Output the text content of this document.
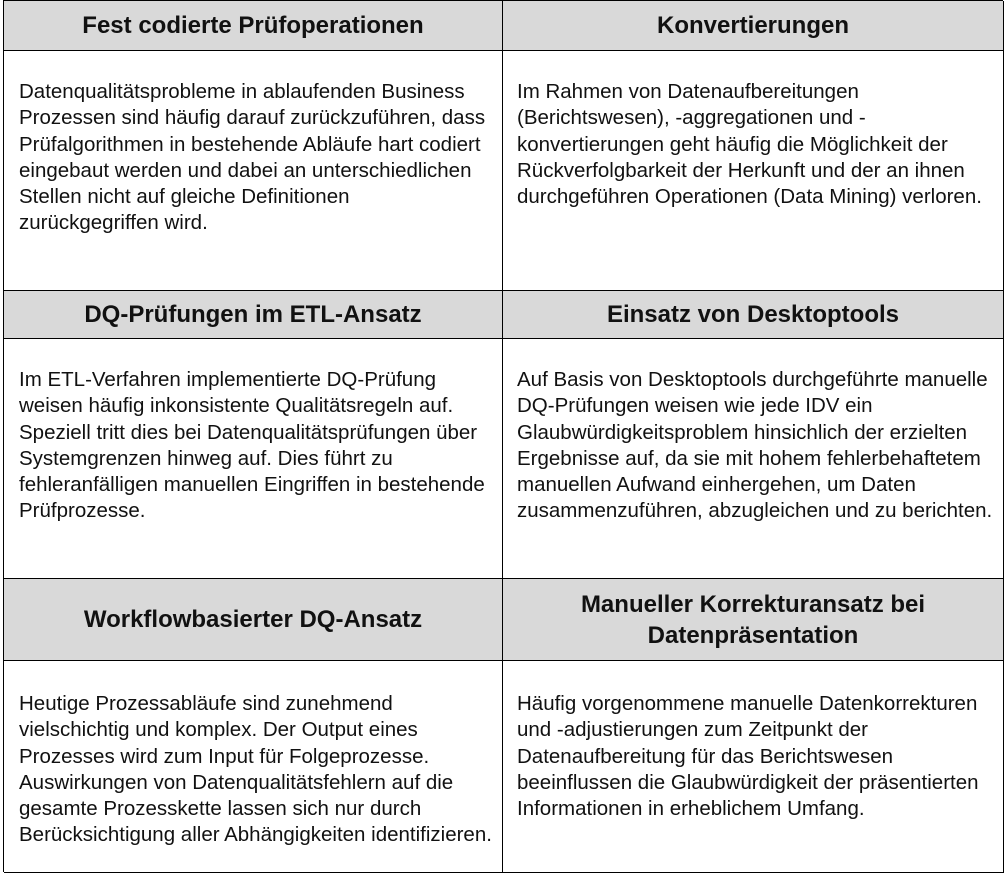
Fest codierte Prüfoperationen	Konvertierungen
Datenqualitätsprobleme in ablaufenden Business Prozessen sind häufig darauf zurückzuführen, dass Prüfalgorithmen in bestehende Abläufe hart codiert eingebaut werden und dabei an unterschiedlichen Stellen nicht auf gleiche Definitionen zurückgegriffen wird.
Im Rahmen von Datenaufbereitungen (Berichtswesen), -aggregationen und -konvertierungen geht häufig die Möglichkeit der Rückverfolgbarkeit der Herkunft und der an ihnen durchgeführen Operationen (Data Mining) verloren.
DQ-Prüfungen im ETL-Ansatz	Einsatz von Desktoptools
Im ETL-Verfahren implementierte DQ-Prüfung weisen häufig inkonsistente Qualitätsregeln auf. Speziell tritt dies bei Datenqualitätsprüfungen über Systemgrenzen hinweg auf. Dies führt zu fehleranfälligen manuellen Eingriffen in bestehende Prüfprozesse.
Auf Basis von Desktoptools durchgeführte manuelle DQ-Prüfungen weisen wie jede IDV ein Glaubwürdigkeitsproblem hinsichlich der erzielten Ergebnisse auf, da sie mit hohem fehlerbehaftetem manuellen Aufwand einhergehen, um Daten zusammenzuführen, abzugleichen und zu berichten.
Workflowbasierter DQ-Ansatz
Manueller Korrekturansatz bei Datenpräsentation
Heutige Prozessabläufe sind zunehmend vielschichtig und komplex. Der Output eines Prozesses wird zum Input für Folgeprozesse. Auswirkungen von Datenqualitätsfehlern auf die gesamte Prozesskette lassen sich nur durch Berücksichtigung aller Abhängigkeiten identifizieren.
Häufig vorgenommene manuelle Datenkorrekturen und -adjustierungen zum Zeitpunkt der Datenaufbereitung für das Berichtswesen beeinflussen die Glaubwürdigkeit der präsentierten Informationen in erheblichem Umfang.
